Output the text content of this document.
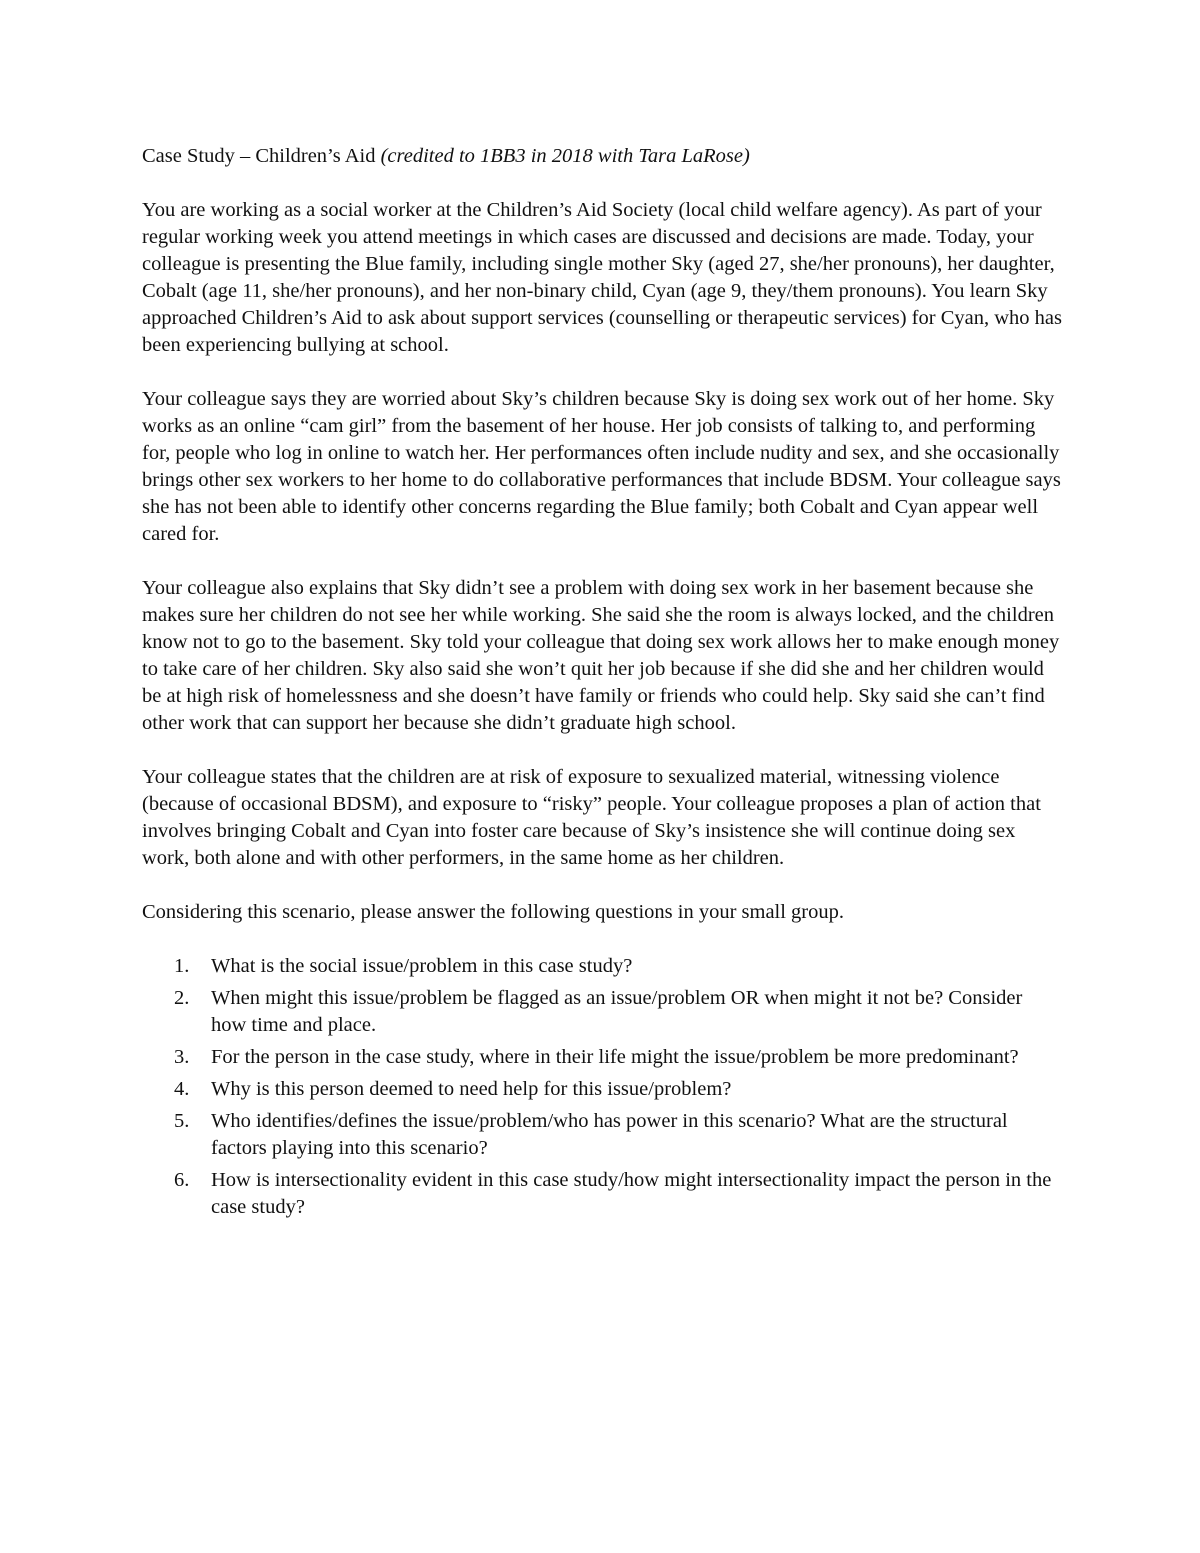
Case Study – Children’s Aid (credited to 1BB3 in 2018 with Tara LaRose)

You are working as a social worker at the Children’s Aid Society (local child welfare agency). As part of your regular working week you attend meetings in which cases are discussed and decisions are made. Today, your colleague is presenting the Blue family, including single mother Sky (aged 27, she/her pronouns), her daughter, Cobalt (age 11, she/her pronouns), and her non-binary child, Cyan (age 9, they/them pronouns). You learn Sky approached Children’s Aid to ask about support services (counselling or therapeutic services) for Cyan, who has been experiencing bullying at school.

Your colleague says they are worried about Sky’s children because Sky is doing sex work out of her home. Sky works as an online “cam girl” from the basement of her house. Her job consists of talking to, and performing for, people who log in online to watch her. Her performances often include nudity and sex, and she occasionally brings other sex workers to her home to do collaborative performances that include BDSM. Your colleague says she has not been able to identify other concerns regarding the Blue family; both Cobalt and Cyan appear well cared for.

Your colleague also explains that Sky didn’t see a problem with doing sex work in her basement because she makes sure her children do not see her while working. She said she the room is always locked, and the children know not to go to the basement. Sky told your colleague that doing sex work allows her to make enough money to take care of her children. Sky also said she won’t quit her job because if she did she and her children would be at high risk of homelessness and she doesn’t have family or friends who could help. Sky said she can’t find other work that can support her because she didn’t graduate high school.

Your colleague states that the children are at risk of exposure to sexualized material, witnessing violence (because of occasional BDSM), and exposure to “risky” people. Your colleague proposes a plan of action that involves bringing Cobalt and Cyan into foster care because of Sky’s insistence she will continue doing sex work, both alone and with other performers, in the same home as her children.

Considering this scenario, please answer the following questions in your small group.

1. What is the social issue/problem in this case study?
2. When might this issue/problem be flagged as an issue/problem OR when might it not be? Consider how time and place.
3. For the person in the case study, where in their life might the issue/problem be more predominant?
4. Why is this person deemed to need help for this issue/problem?
5. Who identifies/defines the issue/problem/who has power in this scenario? What are the structural factors playing into this scenario?
6. How is intersectionality evident in this case study/how might intersectionality impact the person in the case study?
